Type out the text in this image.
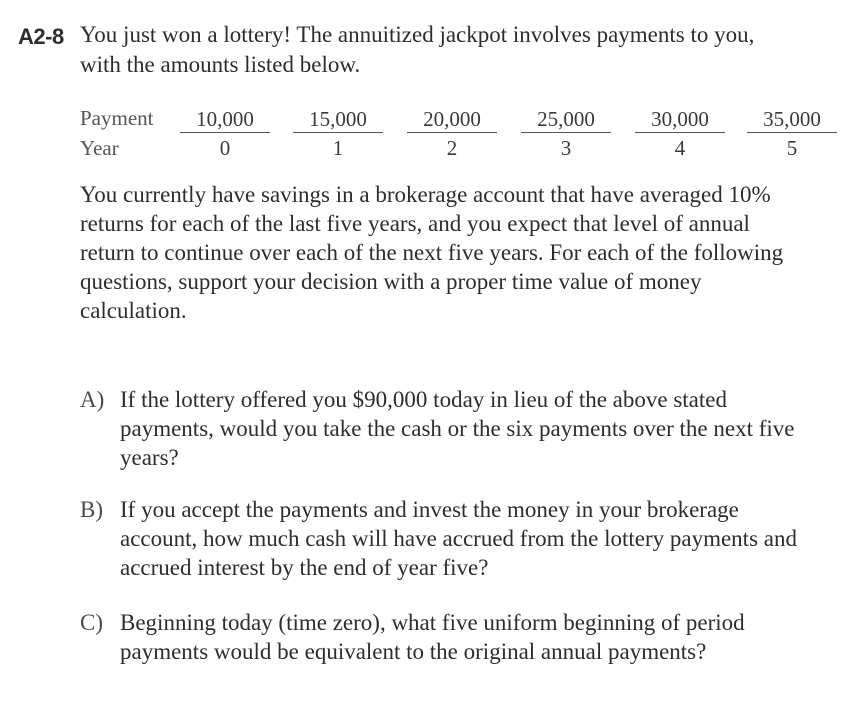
A2-8 You just won a lottery! The annuitized jackpot involves payments to you, with the amounts listed below.
Payment	10,000	15,000	20,000	25,000	30,000	35,000
Year	0	1	2	3	4	5
You currently have savings in a brokerage account that have averaged 10% returns for each of the last five years, and you expect that level of annual return to continue over each of the next five years. For each of the following questions, support your decision with a proper time value of money calculation.
A) If the lottery offered you $90,000 today in lieu of the above stated payments, would you take the cash or the six payments over the next five years?
B) If you accept the payments and invest the money in your brokerage account, how much cash will have accrued from the lottery payments and accrued interest by the end of year five?
C) Beginning today (time zero), what five uniform beginning of period payments would be equivalent to the original annual payments?
